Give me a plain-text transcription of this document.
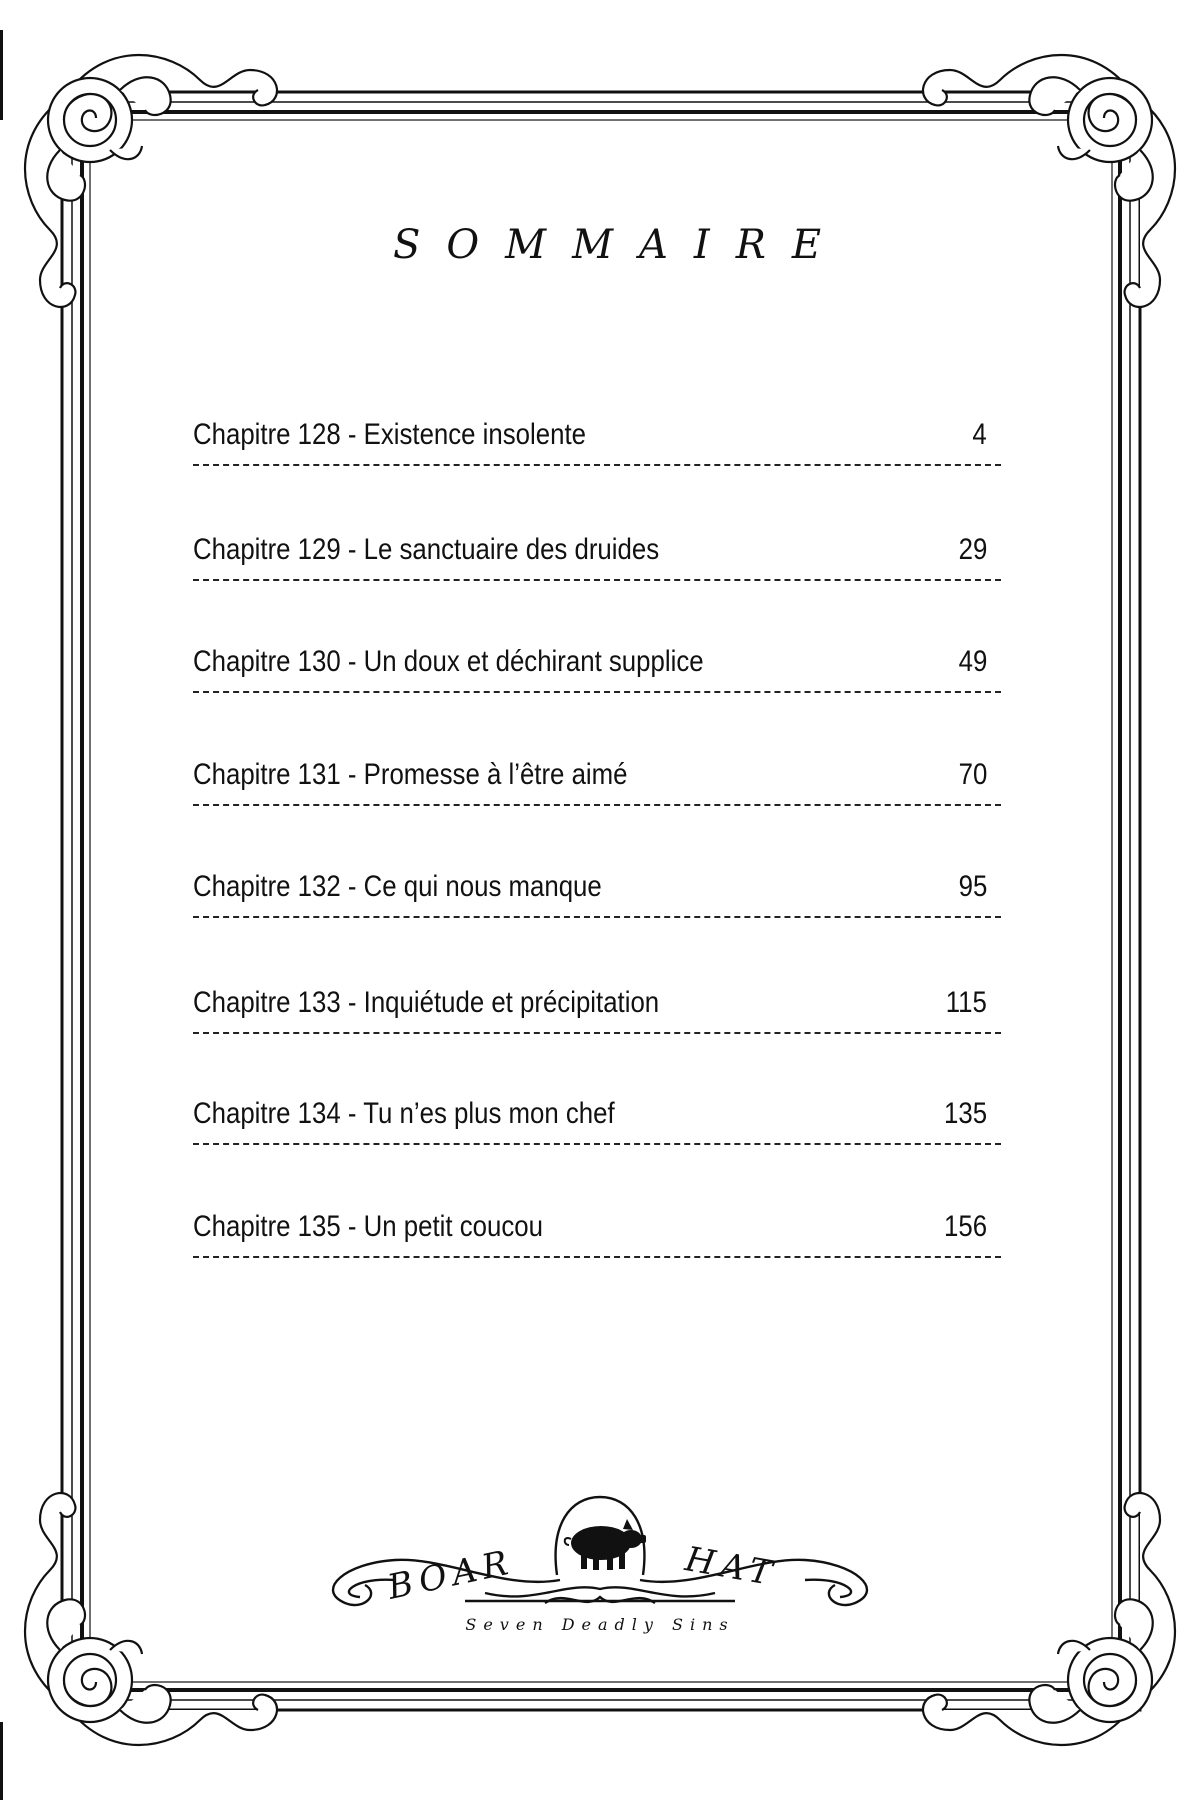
SOMMAIRE
Chapitre 128 - Existence insolente	4
Chapitre 129 - Le sanctuaire des druides	29
Chapitre 130 - Un doux et déchirant supplice	49
Chapitre 131 - Promesse à l’être aimé	70
Chapitre 132 - Ce qui nous manque	95
Chapitre 133 - Inquiétude et précipitation	115
Chapitre 134 - Tu n’es plus mon chef	135
Chapitre 135 - Un petit coucou	156
BOAR	HAT
Seven Deadly Sins
